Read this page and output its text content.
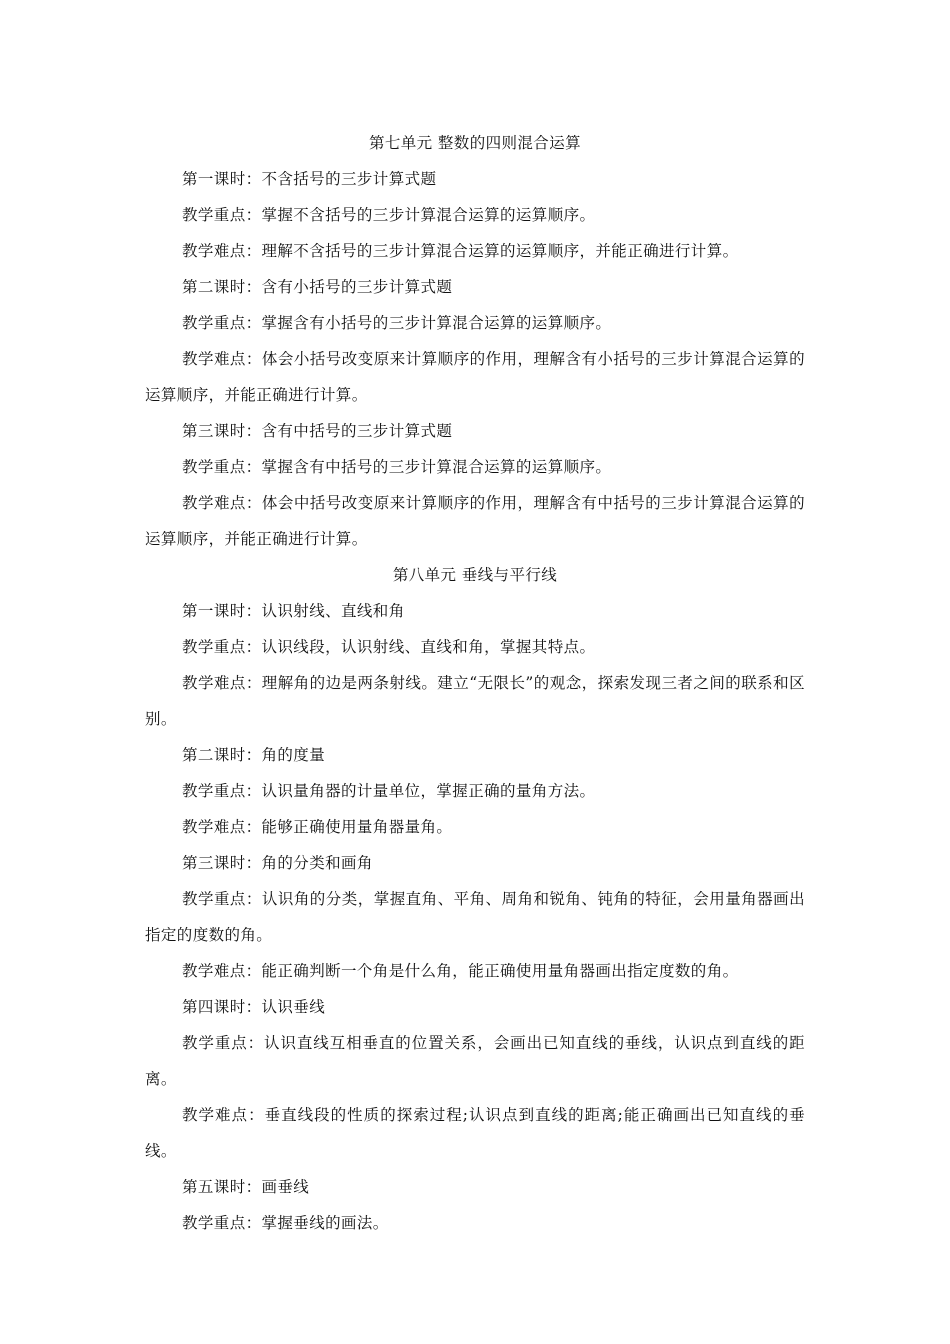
第七单元 整数的四则混合运算

第一课时：不含括号的三步计算式题

教学重点：掌握不含括号的三步计算混合运算的运算顺序。

教学难点：理解不含括号的三步计算混合运算的运算顺序，并能正确进行计算。

第二课时：含有小括号的三步计算式题

教学重点：掌握含有小括号的三步计算混合运算的运算顺序。

教学难点：体会小括号改变原来计算顺序的作用，理解含有小括号的三步计算混合运算的运算顺序，并能正确进行计算。

第三课时：含有中括号的三步计算式题

教学重点：掌握含有中括号的三步计算混合运算的运算顺序。

教学难点：体会中括号改变原来计算顺序的作用，理解含有中括号的三步计算混合运算的运算顺序，并能正确进行计算。

第八单元 垂线与平行线

第一课时：认识射线、直线和角

教学重点：认识线段，认识射线、直线和角，掌握其特点。

教学难点：理解角的边是两条射线。建立“无限长”的观念，探索发现三者之间的联系和区别。

第二课时：角的度量

教学重点：认识量角器的计量单位，掌握正确的量角方法。

教学难点：能够正确使用量角器量角。

第三课时：角的分类和画角

教学重点：认识角的分类，掌握直角、平角、周角和锐角、钝角的特征，会用量角器画出指定的度数的角。

教学难点：能正确判断一个角是什么角，能正确使用量角器画出指定度数的角。

第四课时：认识垂线

教学重点：认识直线互相垂直的位置关系，会画出已知直线的垂线，认识点到直线的距离。

教学难点：垂直线段的性质的探索过程;认识点到直线的距离;能正确画出已知直线的垂线。

第五课时：画垂线

教学重点：掌握垂线的画法。
